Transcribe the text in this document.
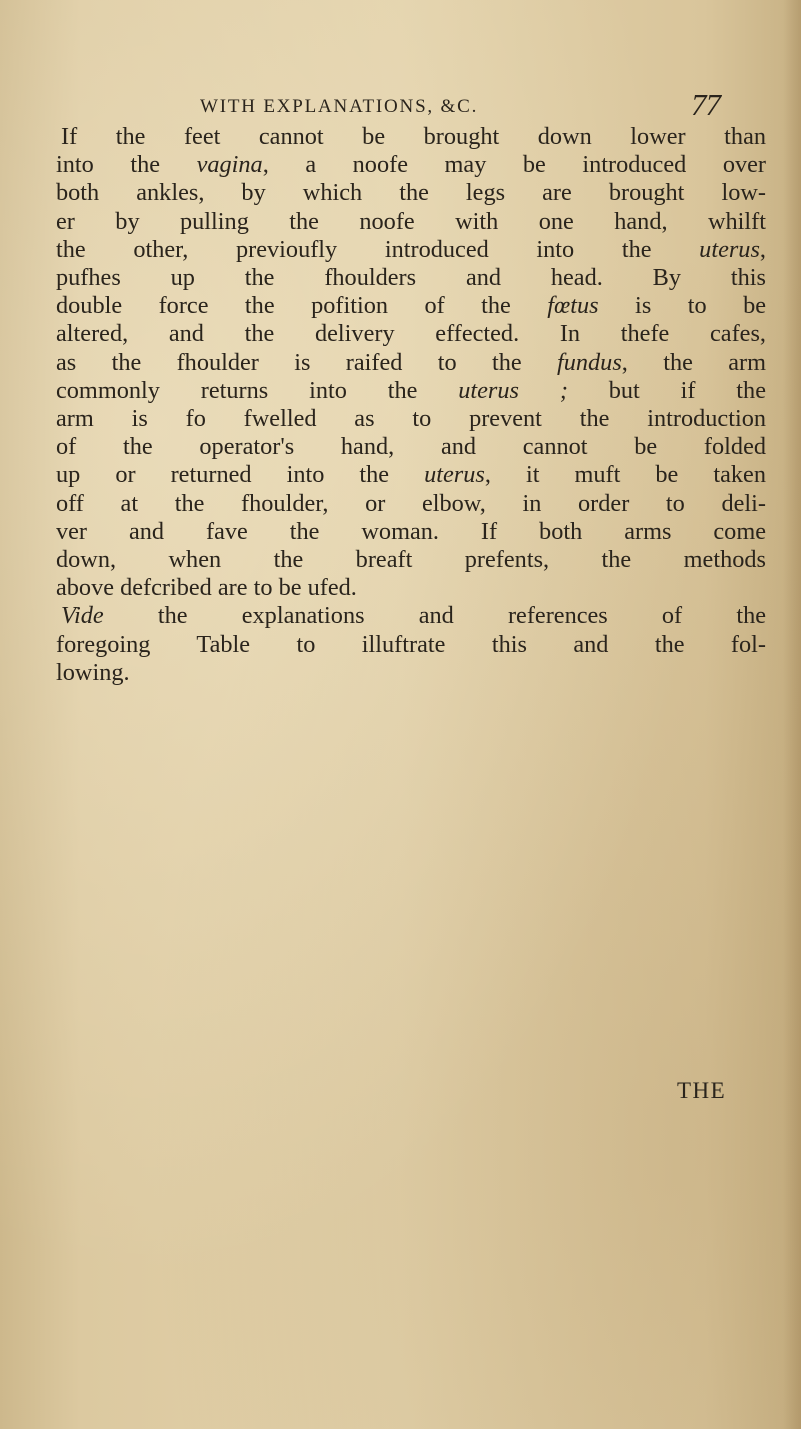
WITH EXPLANATIONS, &C.	77
If the feet cannot be brought down lower than
into the vagina, a noofe may be introduced over
both ankles, by which the legs are brought low-
er by pulling the noofe with one hand, whilft
the other, previoufly introduced into the uterus,
pufhes up the fhoulders and head. By this
double force the pofition of the fœtus is to be
altered, and the delivery effected. In thefe cafes,
as the fhoulder is raifed to the fundus, the arm
commonly returns into the uterus ; but if the
arm is fo fwelled as to prevent the introduction
of the operator's hand, and cannot be folded
up or returned into the uterus, it muft be taken
off at the fhoulder, or elbow, in order to deli-
ver and fave the woman. If both arms come
down, when the breaft prefents, the methods
above defcribed are to be ufed.
Vide the explanations and references of the
foregoing Table to illuftrate this and the fol-
lowing.
THE
